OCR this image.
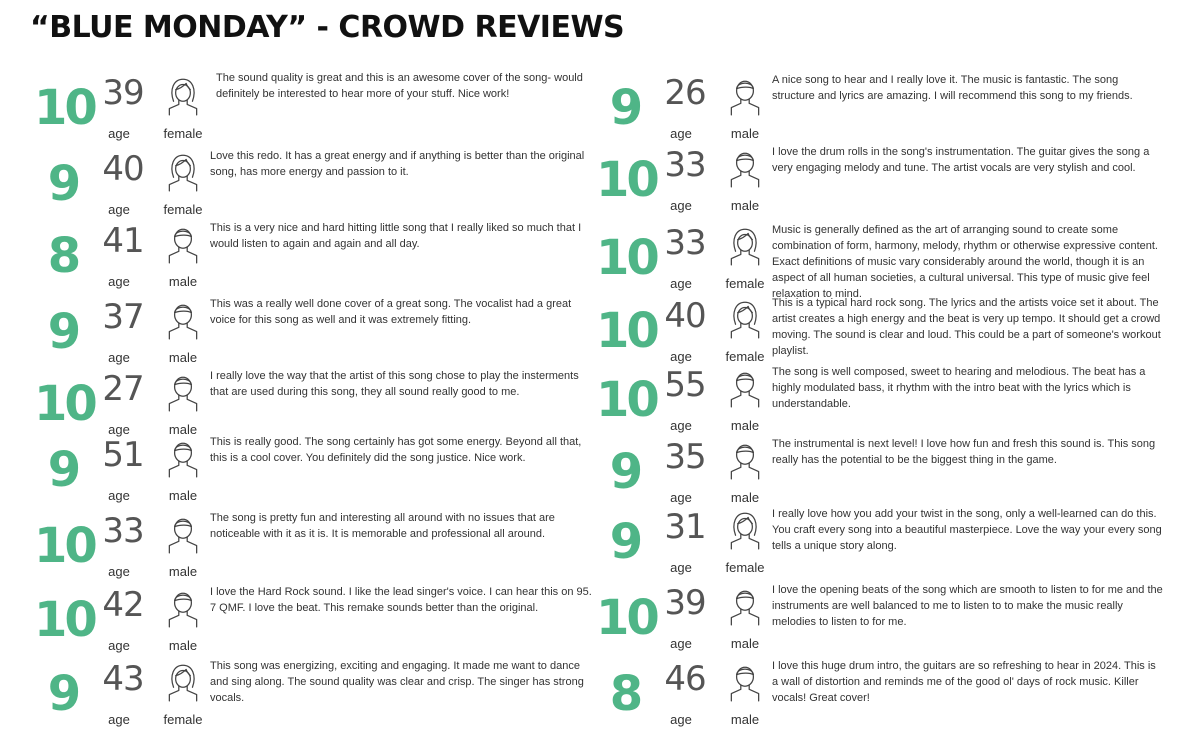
“BLUE MONDAY” - CROWD REVIEWS
10 39
age	female
The sound quality is great and this is an awesome cover of the song- would definitely be interested to hear more of your stuff. Nice work!
9 40
age	female
Love this redo. It has a great energy and if anything is better than the original song, has more energy and passion to it.
8 41
age	male
This is a very nice and hard hitting little song that I really liked so much that I would listen to again and again and all day.
9 37
age	male
This was a really well done cover of a great song. The vocalist had a great voice for this song as well and it was extremely fitting.
10 27
age	male
I really love the way that the artist of this song chose to play the insterments that are used during this song, they all sound really good to me.
9 51
age	male
This is really good. The song certainly has got some energy. Beyond all that, this is a cool cover. You definitely did the song justice. Nice work.
10 33
age	male
The song is pretty fun and interesting all around with no issues that are noticeable with it as it is. It is memorable and professional all around.
10 42
age	male
I love the Hard Rock sound. I like the lead singer's voice. I can hear this on 95. 7 QMF. I love the beat. This remake sounds better than the original.
9 43
age	female
This song was energizing, exciting and engaging. It made me want to dance and sing along. The sound quality was clear and crisp. The singer has strong vocals.
9 26
age	male
A nice song to hear and I really love it. The music is fantastic. The song structure and lyrics are amazing. I will recommend this song to my friends.
10 33
age	male
I love the drum rolls in the song's instrumentation. The guitar gives the song a very engaging melody and tune. The artist vocals are very stylish and cool.
10 33
age	female
Music is generally defined as the art of arranging sound to create some combination of form, harmony, melody, rhythm or otherwise expressive content. Exact definitions of music vary considerably around the world, though it is an aspect of all human societies, a cultural universal. This type of music give feel relaxation to mind.
10 40
age	female
This is a typical hard rock song. The lyrics and the artists voice set it about. The artist creates a high energy and the beat is very up tempo. It should get a crowd moving. The sound is clear and loud. This could be a part of someone's workout playlist.
10 55
age	male
The song is well composed, sweet to hearing and melodious. The beat has a highly modulated bass, it rhythm with the intro beat with the lyrics which is understandable.
9 35
age	male
The instrumental is next level! I love how fun and fresh this sound is. This song really has the potential to be the biggest thing in the game.
9 31
age	female
I really love how you add your twist in the song, only a well-learned can do this. You craft every song into a beautiful masterpiece. Love the way your every song tells a unique story along.
10 39
age	male
I love the opening beats of the song which are smooth to listen to for me and the instruments are well balanced to me to listen to to make the music really melodies to listen to for me.
8 46
age	male
I love this huge drum intro, the guitars are so refreshing to hear in 2024. This is a wall of distortion and reminds me of the good ol' days of rock music. Killer vocals! Great cover!
